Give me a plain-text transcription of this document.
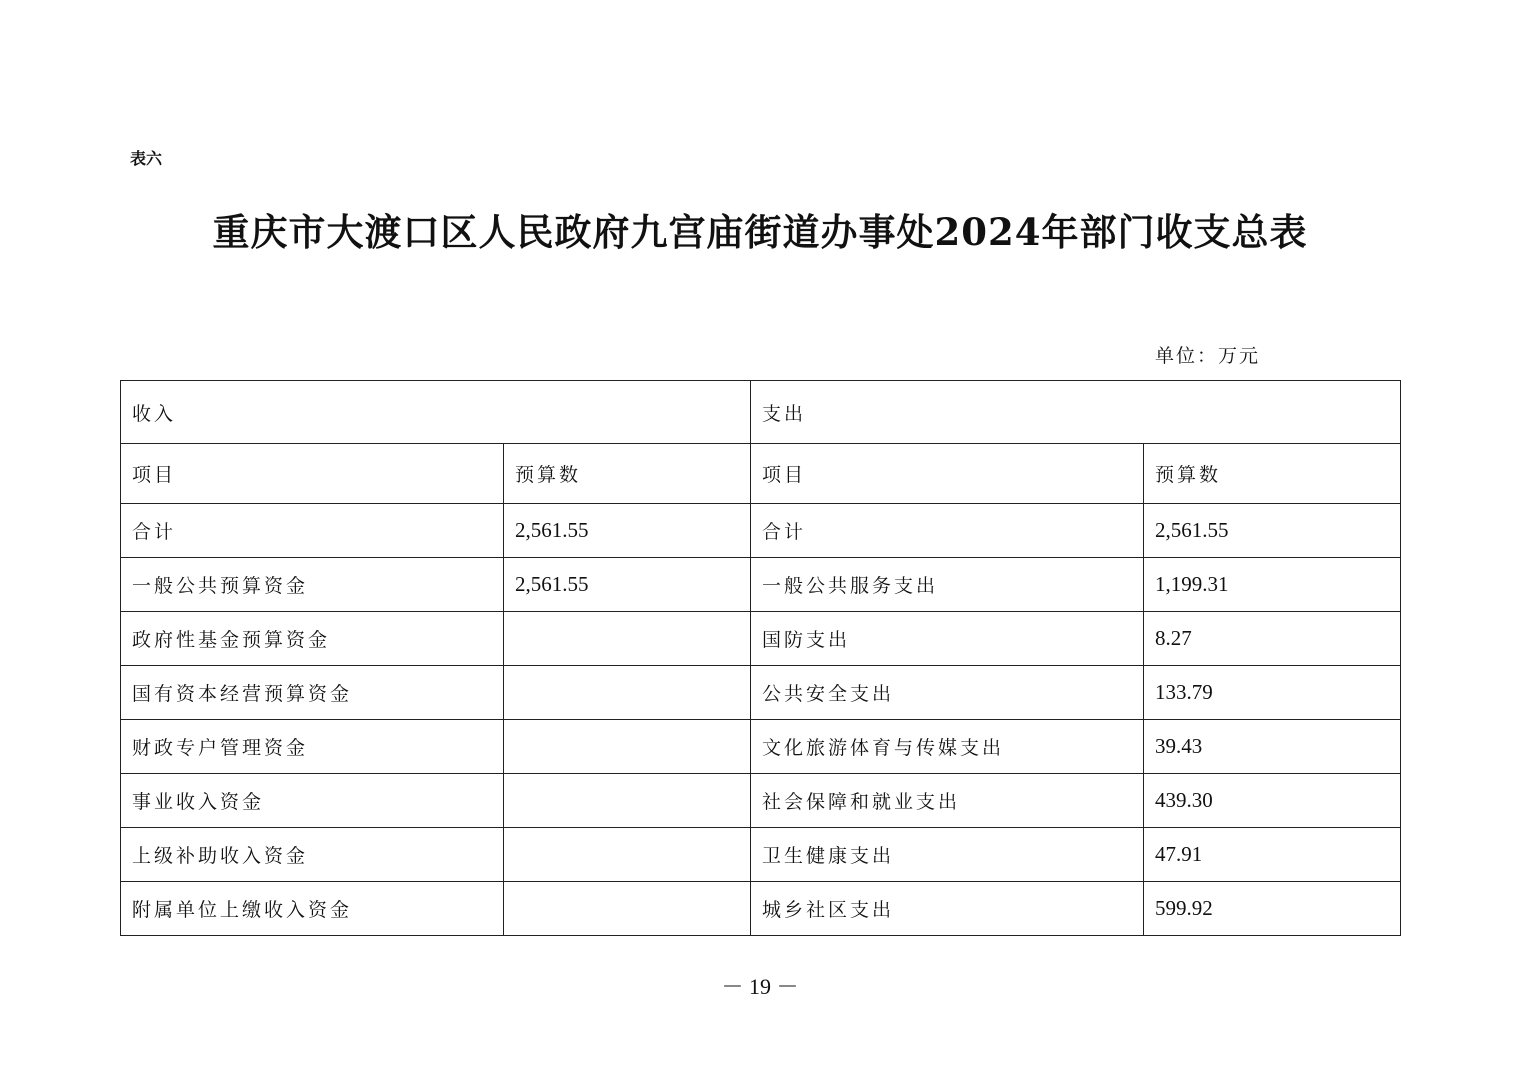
表六
重庆市大渡口区人民政府九宫庙街道办事处2024年部门收支总表
单位：万元
收入		支出	
项目	预算数	项目	预算数
合计	2,561.55	合计	2,561.55
一般公共预算资金	2,561.55	一般公共服务支出	1,199.31
政府性基金预算资金		国防支出	8.27
国有资本经营预算资金		公共安全支出	133.79
财政专户管理资金		文化旅游体育与传媒支出	39.43
事业收入资金		社会保障和就业支出	439.30
上级补助收入资金		卫生健康支出	47.91
附属单位上缴收入资金		城乡社区支出	599.92
－ 19 －
